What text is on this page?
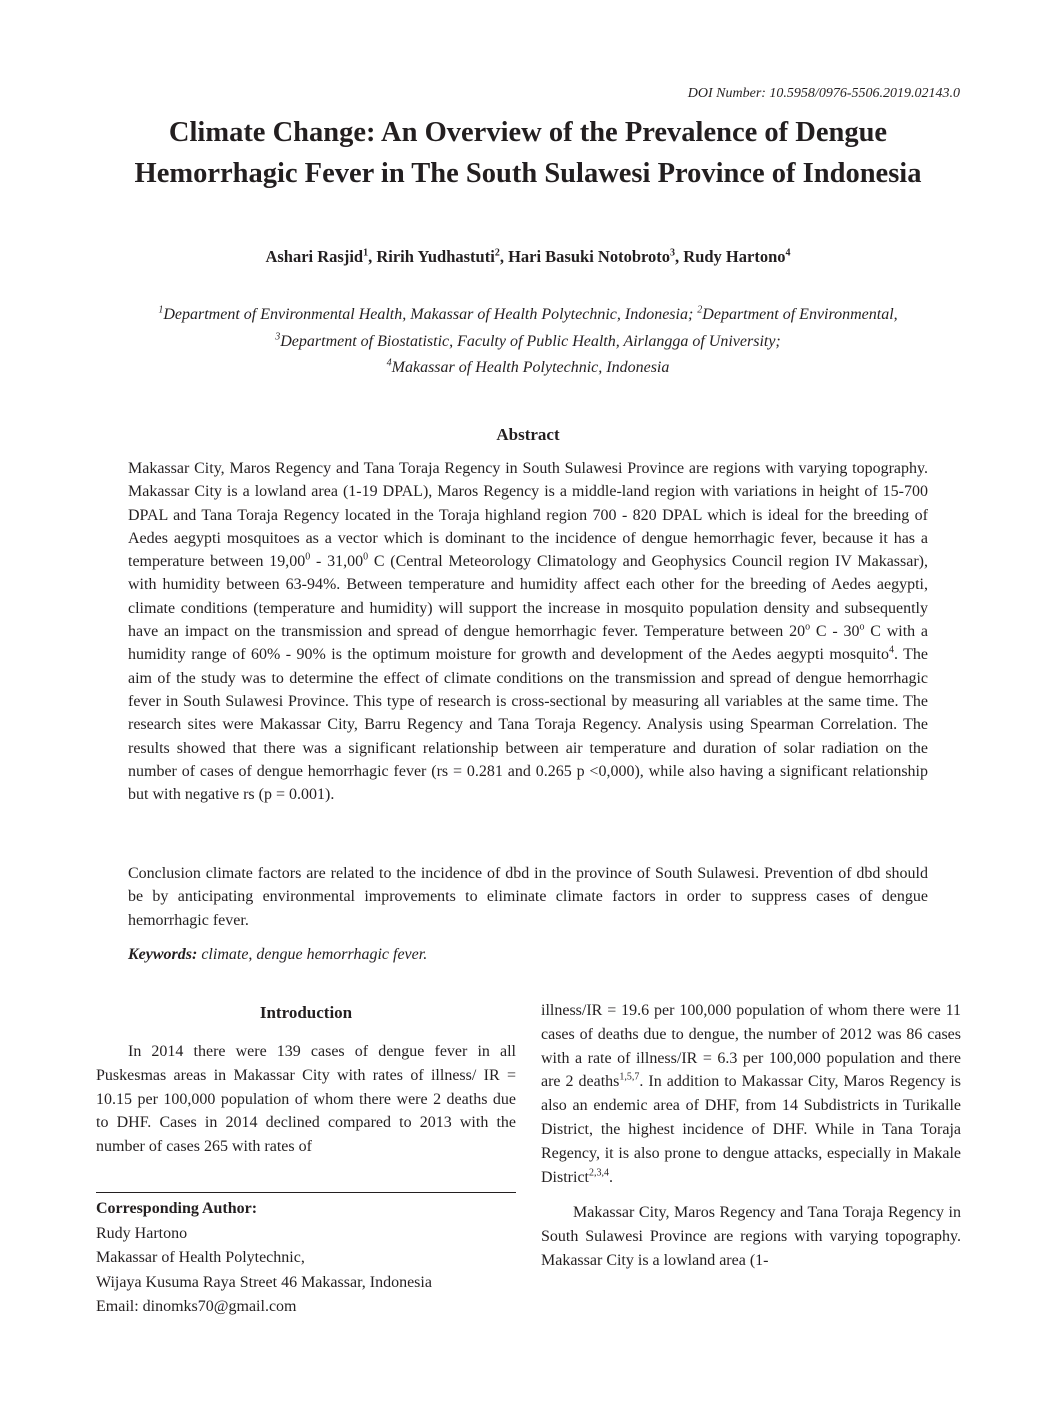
DOI Number: 10.5958/0976-5506.2019.02143.0
Climate Change: An Overview of the Prevalence of Dengue Hemorrhagic Fever in The South Sulawesi Province of Indonesia
Ashari Rasjid$^1$, Ririh Yudhastuti$^2$, Hari Basuki Notobroto$^3$, Rudy Hartono$^4$
$^1$Department of Environmental Health, Makassar of Health Polytechnic, Indonesia; $^2$Department of Environmental, $^3$Department of Biostatistic, Faculty of Public Health, Airlangga of University;
$^4$Makassar of Health Polytechnic, Indonesia
Abstract

Makassar City, Maros Regency and Tana Toraja Regency in South Sulawesi Province are regions with varying topography. Makassar City is a lowland area (1-19 DPAL), Maros Regency is a middle-land region with variations in height of 15-700 DPAL and Tana Toraja Regency located in the Toraja highland region 700 - 820 DPAL which is ideal for the breeding of Aedes aegypti mosquitoes as a vector which is dominant to the incidence of dengue hemorrhagic fever, because it has a temperature between 19,00$^0$ - 31,00$^0$ C (Central Meteorology Climatology and Geophysics Council region IV Makassar), with humidity between 63-94%. Between temperature and humidity affect each other for the breeding of Aedes aegypti, climate conditions (temperature and humidity) will support the increase in mosquito population density and subsequently have an impact on the transmission and spread of dengue hemorrhagic fever. Temperature between 20$^o$ C - 30$^o$ C with a humidity range of 60% - 90% is the optimum moisture for growth and development of the Aedes aegypti mosquito$^4$. The aim of the study was to determine the effect of climate conditions on the transmission and spread of dengue hemorrhagic fever in South Sulawesi Province. This type of research is cross-sectional by measuring all variables at the same time. The research sites were Makassar City, Barru Regency and Tana Toraja Regency. Analysis using Spearman Correlation. The results showed that there was a significant relationship between air temperature and duration of solar radiation on the number of cases of dengue hemorrhagic fever (rs = 0.281 and 0.265 p <0,000), while also having a significant relationship but with negative rs (p = 0.001).

Conclusion climate factors are related to the incidence of dbd in the province of South Sulawesi. Prevention of dbd should be by anticipating environmental improvements to eliminate climate factors in order to suppress cases of dengue hemorrhagic fever.

Keywords: climate, dengue hemorrhagic fever.
Introduction

In 2014 there were 139 cases of dengue fever in all Puskesmas areas in Makassar City with rates of illness/ IR = 10.15 per 100,000 population of whom there were 2 deaths due to DHF. Cases in 2014 declined compared to 2013 with the number of cases 265 with rates of

illness/IR = 19.6 per 100,000 population of whom there were 11 cases of deaths due to dengue, the number of 2012 was 86 cases with a rate of illness/IR = 6.3 per 100,000 population and there are 2 deaths$^{1,5,7}$. In addition to Makassar City, Maros Regency is also an endemic area of DHF, from 14 Subdistricts in Turikalle District, the highest incidence of DHF. While in Tana Toraja Regency, it is also prone to dengue attacks, especially in Makale District$^{2,3,4}$.

Makassar City, Maros Regency and Tana Toraja Regency in South Sulawesi Province are regions with varying topography. Makassar City is a lowland area (1-

Corresponding Author:
Rudy Hartono
Makassar of Health Polytechnic,
Wijaya Kusuma Raya Street 46 Makassar, Indonesia
Email: dinomks70@gmail.com
